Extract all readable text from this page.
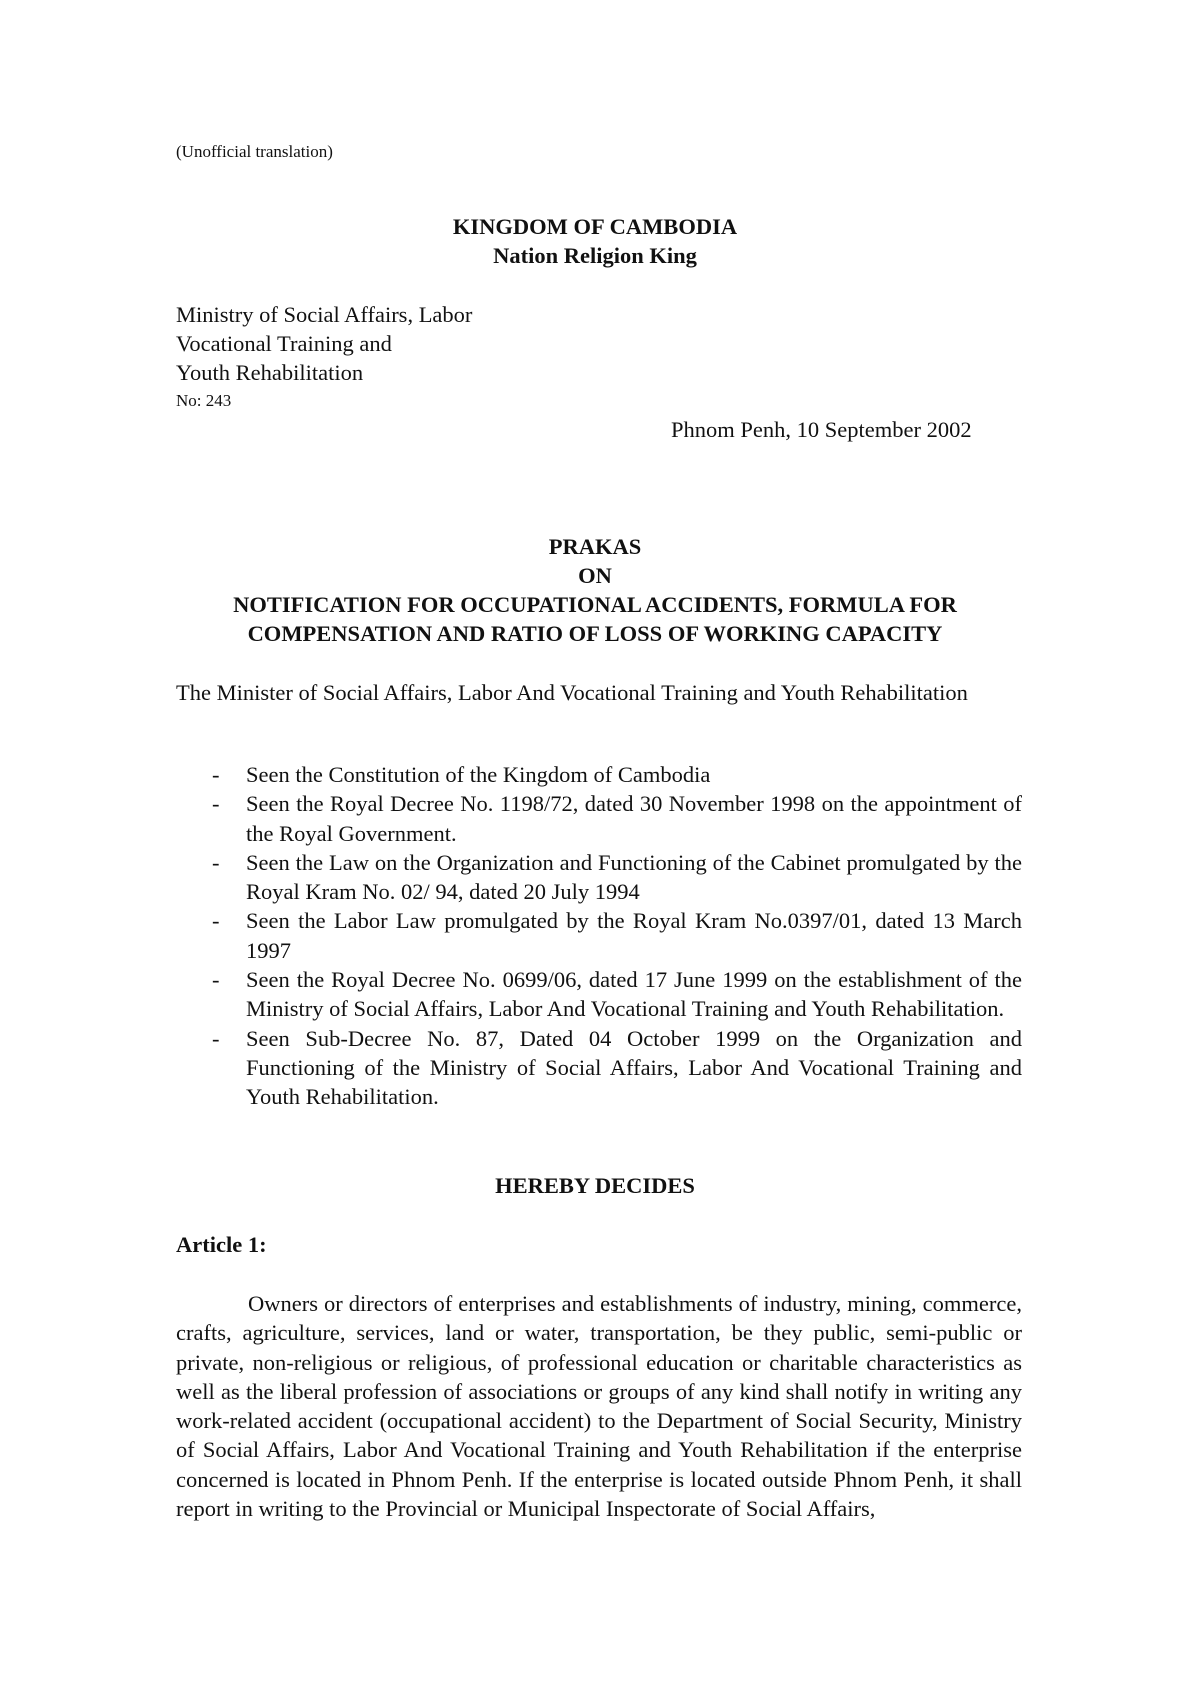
(Unofficial translation)

KINGDOM OF CAMBODIA

Nation Religion King

Ministry of Social Affairs, Labor
Vocational Training and
Youth Rehabilitation

No: 243

Phnom Penh, 10 September 2002

PRAKAS

ON

NOTIFICATION FOR OCCUPATIONAL ACCIDENTS, FORMULA FOR

COMPENSATION AND RATIO OF LOSS OF WORKING CAPACITY

The Minister of Social Affairs, Labor And Vocational Training and Youth Rehabilitation

- Seen the Constitution of the Kingdom of Cambodia
- Seen the Royal Decree No. 1198/72, dated 30 November 1998 on the appointment of the Royal Government.
- Seen the Law on the Organization and Functioning of the Cabinet promulgated by the Royal Kram No. 02/ 94, dated 20 July 1994
- Seen the Labor Law promulgated by the Royal Kram No.0397/01, dated 13 March 1997
- Seen the Royal Decree No. 0699/06, dated 17 June 1999 on the establishment of the Ministry of Social Affairs, Labor And Vocational Training and Youth Rehabilitation.
- Seen Sub-Decree No. 87, Dated 04 October 1999 on the Organization and Functioning of the Ministry of Social Affairs, Labor And Vocational Training and Youth Rehabilitation.

HEREBY DECIDES

Article 1:

Owners or directors of enterprises and establishments of industry, mining, commerce, crafts, agriculture, services, land or water, transportation, be they public, semi-public or private, non-religious or religious, of professional education or charitable characteristics as well as the liberal profession of associations or groups of any kind shall notify in writing any work-related accident (occupational accident) to the Department of Social Security, Ministry of Social Affairs, Labor And Vocational Training and Youth Rehabilitation if the enterprise concerned is located in Phnom Penh. If the enterprise is located outside Phnom Penh, it shall report in writing to the Provincial or Municipal Inspectorate of Social Affairs,
